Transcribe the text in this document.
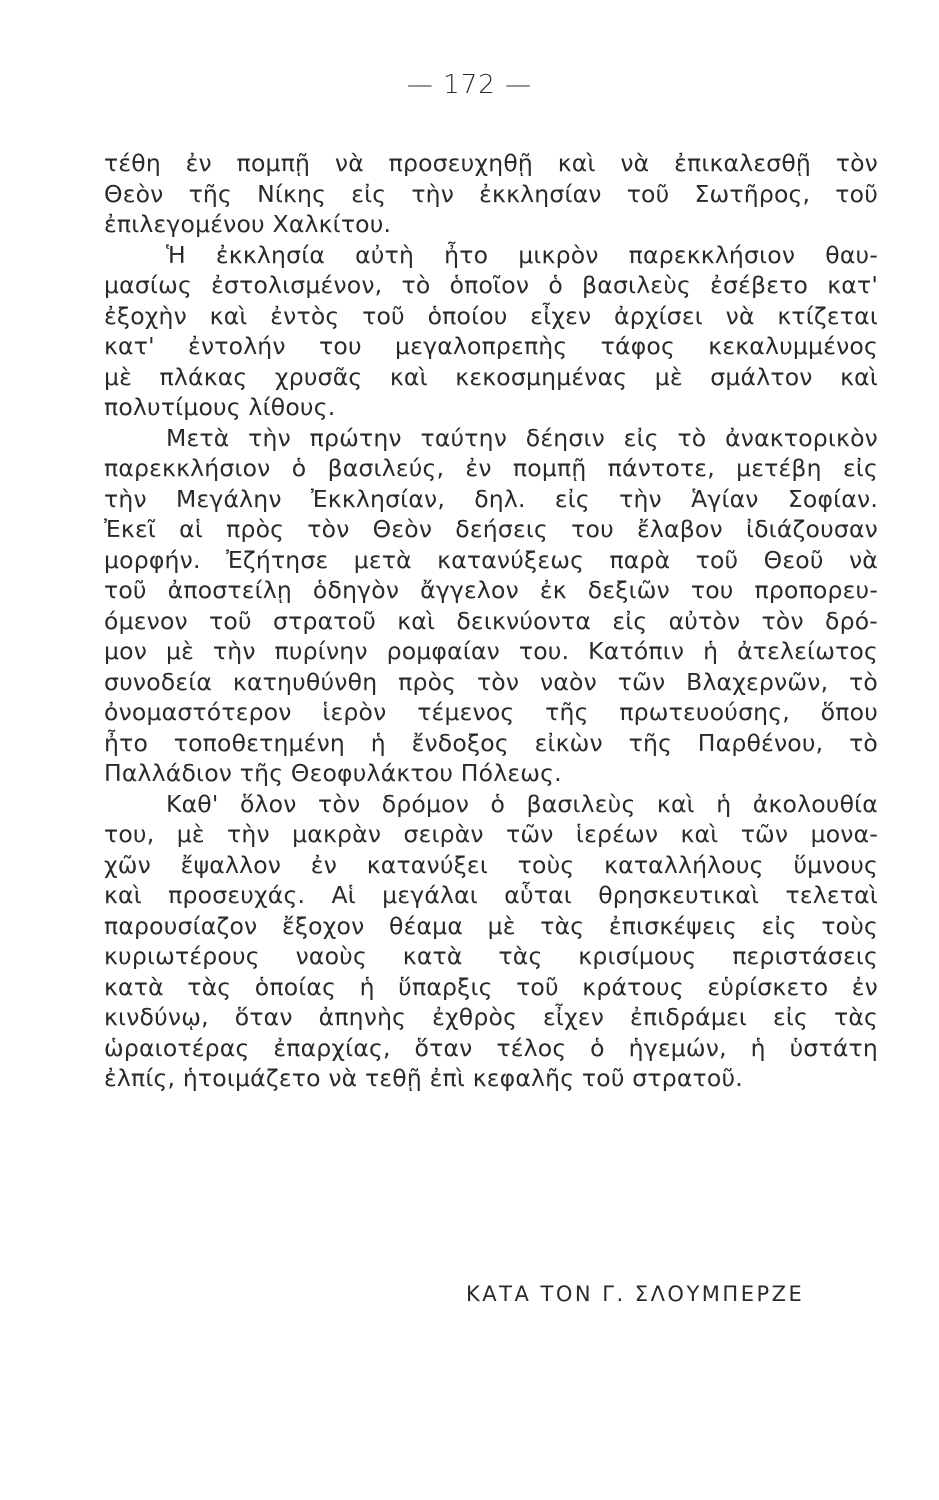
— 172 —
τέθη ἐν πομπῇ νὰ προσευχηθῇ καὶ νὰ ἐπικαλεσθῇ τὸν
Θεὸν τῆς Νίκης εἰς τὴν ἐκκλησίαν τοῦ Σωτῆρος, τοῦ
ἐπιλεγομένου Χαλκίτου.
Ἡ ἐκκλησία αὐτὴ ἦτο μικρὸν παρεκκλήσιον θαυ-
μασίως ἐστολισμένον, τὸ ὁποῖον ὁ βασιλεὺς ἐσέβετο κατ'
ἐξοχὴν καὶ ἐντὸς τοῦ ὁποίου εἶχεν ἀρχίσει νὰ κτίζεται
κατ' ἐντολήν του μεγαλοπρεπὴς τάφος κεκαλυμμένος
μὲ πλάκας χρυσᾶς καὶ κεκοσμημένας μὲ σμάλτον καὶ
πολυτίμους λίθους.
Μετὰ τὴν πρώτην ταύτην δέησιν εἰς τὸ ἀνακτορικὸν
παρεκκλήσιον ὁ βασιλεύς, ἐν πομπῇ πάντοτε, μετέβη εἰς
τὴν Μεγάλην Ἐκκλησίαν, δηλ. εἰς τὴν Ἁγίαν Σοφίαν.
Ἐκεῖ αἱ πρὸς τὸν Θεὸν δεήσεις του ἔλαβον ἰδιάζουσαν
μορφήν. Ἐζήτησε μετὰ κατανύξεως παρὰ τοῦ Θεοῦ νὰ
τοῦ ἀποστείλῃ ὁδηγὸν ἄγγελον ἐκ δεξιῶν του προπορευ-
όμενον τοῦ στρατοῦ καὶ δεικνύοντα εἰς αὐτὸν τὸν δρό-
μον μὲ τὴν πυρίνην ρομφαίαν του. Κατόπιν ἡ ἀτελείωτος
συνοδεία κατηυθύνθη πρὸς τὸν ναὸν τῶν Βλαχερνῶν, τὸ
ὀνομαστότερον ἱερὸν τέμενος τῆς πρωτευούσης, ὅπου
ἦτο τοποθετημένη ἡ ἔνδοξος εἰκὼν τῆς Παρθένου, τὸ
Παλλάδιον τῆς Θεοφυλάκτου Πόλεως.
Καθ' ὅλον τὸν δρόμον ὁ βασιλεὺς καὶ ἡ ἀκολουθία
του, μὲ τὴν μακρὰν σειρὰν τῶν ἱερέων καὶ τῶν μονα-
χῶν ἔψαλλον ἐν κατανύξει τοὺς καταλλήλους ὕμνους
καὶ προσευχάς. Αἱ μεγάλαι αὗται θρησκευτικαὶ τελεταὶ
παρουσίαζον ἔξοχον θέαμα μὲ τὰς ἐπισκέψεις εἰς τοὺς
κυριωτέρους ναοὺς κατὰ τὰς κρισίμους περιστάσεις
κατὰ τὰς ὁποίας ἡ ὕπαρξις τοῦ κράτους εὑρίσκετο ἐν
κινδύνῳ, ὅταν ἀπηνὴς ἐχθρὸς εἶχεν ἐπιδράμει εἰς τὰς
ὡραιοτέρας ἐπαρχίας, ὅταν τέλος ὁ ἡγεμών, ἡ ὑστάτη
ἐλπίς, ἡτοιμάζετο νὰ τεθῇ ἐπὶ κεφαλῆς τοῦ στρατοῦ.
ΚΑΤΑ ΤΟΝ Γ. ΣΛΟΥΜΠΕΡΖΕ
